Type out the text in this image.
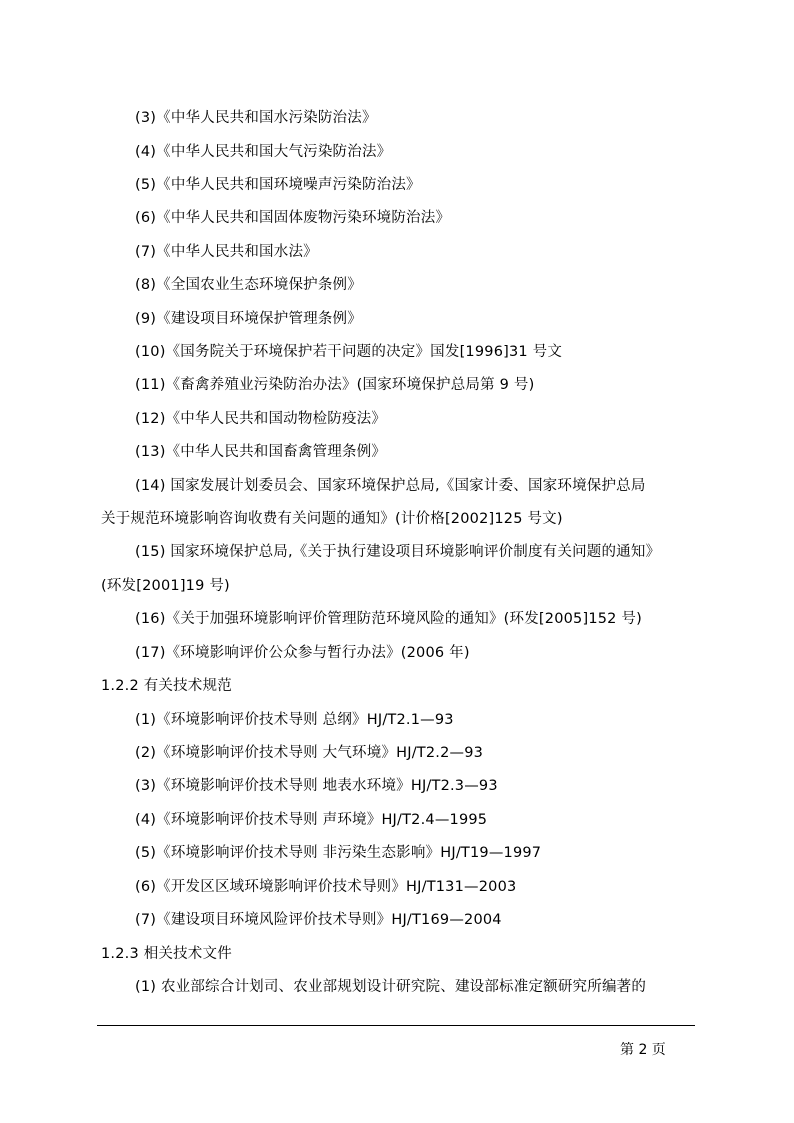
(3)《中华人民共和国水污染防治法》
(4)《中华人民共和国大气污染防治法》
(5)《中华人民共和国环境噪声污染防治法》
(6)《中华人民共和国固体废物污染环境防治法》
(7)《中华人民共和国水法》
(8)《全国农业生态环境保护条例》
(9)《建设项目环境保护管理条例》
(10)《国务院关于环境保护若干问题的决定》国发[1996]31 号文
(11)《畜禽养殖业污染防治办法》(国家环境保护总局第 9 号)
(12)《中华人民共和国动物检防疫法》
(13)《中华人民共和国畜禽管理条例》
(14) 国家发展计划委员会、国家环境保护总局,《国家计委、国家环境保护总局
关于规范环境影响咨询收费有关问题的通知》(计价格[2002]125 号文)
(15) 国家环境保护总局,《关于执行建设项目环境影响评价制度有关问题的通知》
(环发[2001]19 号)
(16)《关于加强环境影响评价管理防范环境风险的通知》(环发[2005]152 号)
(17)《环境影响评价公众参与暂行办法》(2006 年)
1.2.2 有关技术规范
(1)《环境影响评价技术导则 总纲》HJ/T2.1—93
(2)《环境影响评价技术导则 大气环境》HJ/T2.2—93
(3)《环境影响评价技术导则 地表水环境》HJ/T2.3—93
(4)《环境影响评价技术导则 声环境》HJ/T2.4—1995
(5)《环境影响评价技术导则 非污染生态影响》HJ/T19—1997
(6)《开发区区域环境影响评价技术导则》HJ/T131—2003
(7)《建设项目环境风险评价技术导则》HJ/T169—2004
1.2.3 相关技术文件
(1) 农业部综合计划司、农业部规划设计研究院、建设部标准定额研究所编著的
第 2 页
